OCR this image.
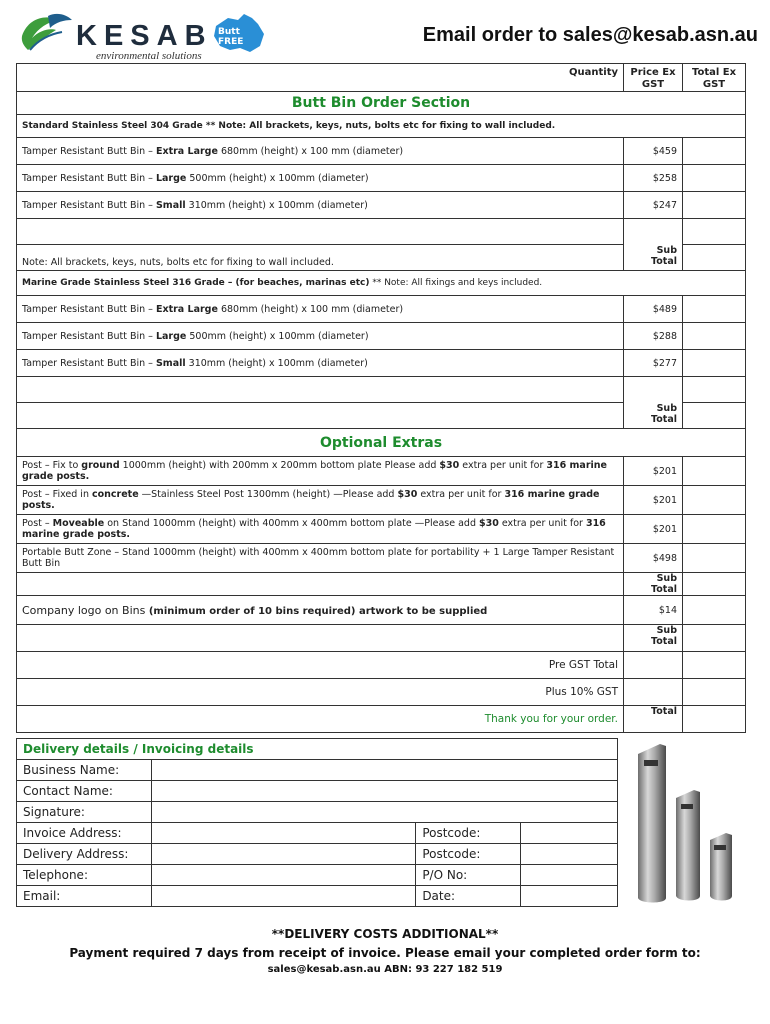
KESAB
environmental solutions
Butt FREE	Email order to sales@kesab.asn.au
	Quantity	Price Ex GST	Total Ex GST
Butt Bin Order Section			
Standard Stainless Steel 304 Grade ** Note: All brackets, keys, nuts, bolts etc for fixing to wall included.			
Tamper Resistant Butt Bin – Extra Large 680mm (height) x 100 mm (diameter)		$459	
Tamper Resistant Butt Bin – Large 500mm (height) x 100mm (diameter)		$258	
Tamper Resistant Butt Bin – Small 310mm (height) x 100mm (diameter)		$247	

Note: All brackets, keys, nuts, bolts etc for fixing to wall included.		Sub Total	
Marine Grade Stainless Steel 316 Grade – (for beaches, marinas etc) ** Note: All fixings and keys included.			
Tamper Resistant Butt Bin – Extra Large 680mm (height) x 100 mm (diameter)		$489	
Tamper Resistant Butt Bin – Large 500mm (height) x 100mm (diameter)		$288	
Tamper Resistant Butt Bin – Small 310mm (height) x 100mm (diameter)		$277	

		Sub Total	
Optional Extras			
Post – Fix to ground 1000mm (height) with 200mm x 200mm bottom plate Please add $30 extra per unit for 316 marine grade posts.		$201	
Post – Fixed in concrete —Stainless Steel Post 1300mm (height) —Please add $30 extra per unit for 316 marine grade posts.		$201	
Post – Moveable on Stand 1000mm (height) with 400mm x 400mm bottom plate —Please add $30 extra per unit for 316 marine grade posts.		$201	
Portable Butt Zone – Stand 1000mm (height) with 400mm x 400mm bottom plate for portability + 1 Large Tamper Resistant Butt Bin		$498	
		Sub Total	
Company logo on Bins (minimum order of 10 bins required) artwork to be supplied		$14	
		Sub Total	
Pre GST Total			
Plus 10% GST			
Thank you for your order.		Total	
Delivery details / Invoicing details			
Business Name:			
Contact Name:			
Signature:			
Invoice Address:		Postcode:	
Delivery Address:		Postcode:	
Telephone:		P/O No:	
Email:		Date:	
**DELIVERY COSTS ADDITIONAL**
Payment required 7 days from receipt of invoice. Please email your completed order form to:
sales@kesab.asn.au ABN: 93 227 182 519
